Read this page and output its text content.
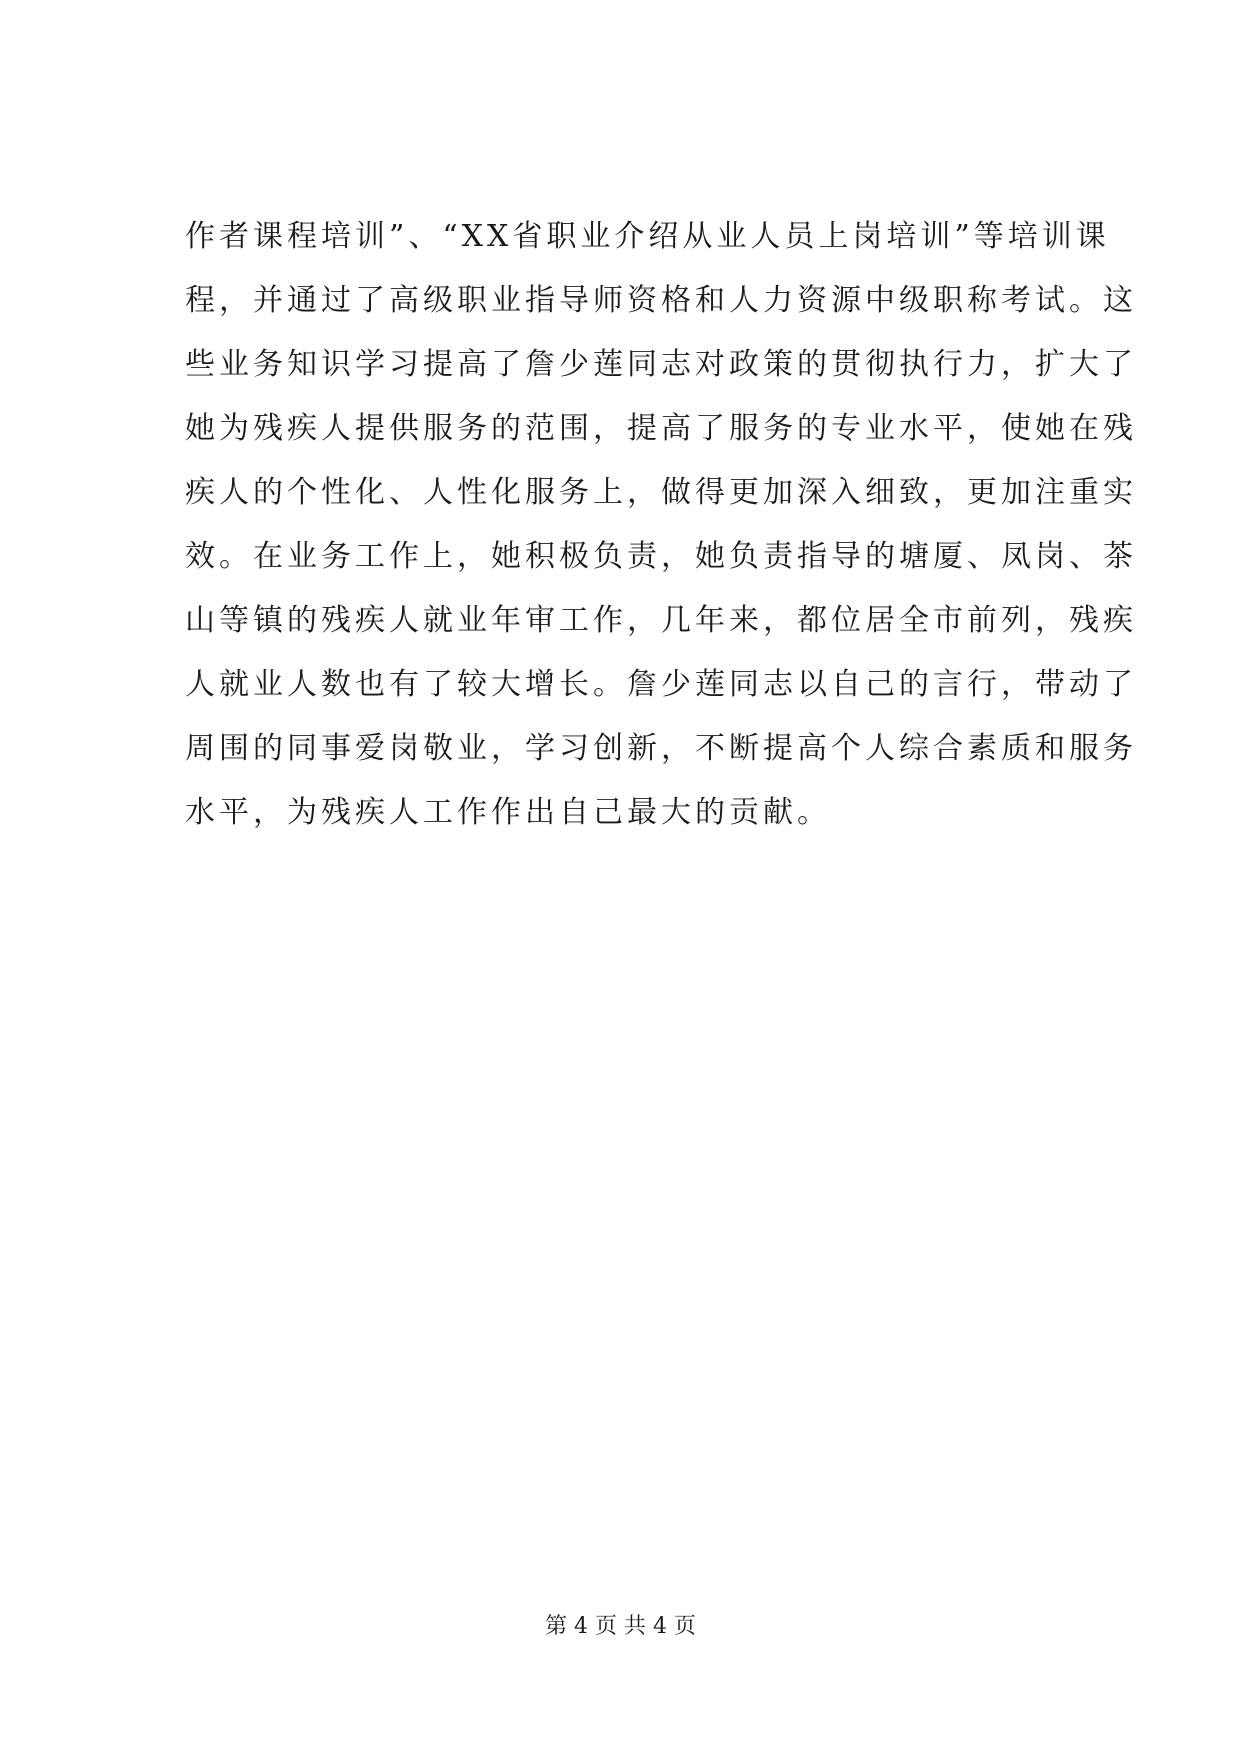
作者课程培训”、“XX省职业介绍从业人员上岗培训”等培训课
程，并通过了高级职业指导师资格和人力资源中级职称考试。这
些业务知识学习提高了詹少莲同志对政策的贯彻执行力，扩大了
她为残疾人提供服务的范围，提高了服务的专业水平，使她在残
疾人的个性化、人性化服务上，做得更加深入细致，更加注重实
效。在业务工作上，她积极负责，她负责指导的塘厦、凤岗、茶
山等镇的残疾人就业年审工作，几年来，都位居全市前列，残疾
人就业人数也有了较大增长。詹少莲同志以自己的言行，带动了
周围的同事爱岗敬业，学习创新，不断提高个人综合素质和服务
水平，为残疾人工作作出自己最大的贡献。
第 4 页 共 4 页
